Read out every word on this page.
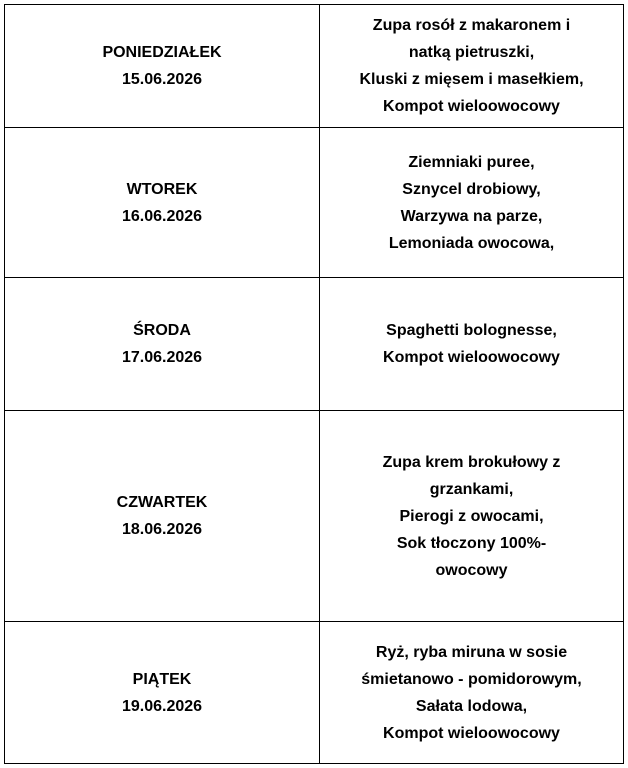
PONIEDZIAŁEK
15.06.2026	Zupa rosół z makaronem i
natką pietruszki,
Kluski z mięsem i masełkiem,
Kompot wieloowocowy

WTOREK
16.06.2026	Ziemniaki puree,
Sznycel drobiowy,
Warzywa na parze,
Lemoniada owocowa,

ŚRODA
17.06.2026	Spaghetti bolognesse,
Kompot wieloowocowy

CZWARTEK
18.06.2026	Zupa krem brokułowy z
grzankami,
Pierogi z owocami,
Sok tłoczony 100%-
owocowy

PIĄTEK
19.06.2026	Ryż, ryba miruna w sosie
śmietanowo - pomidorowym,
Sałata lodowa,
Kompot wieloowocowy
